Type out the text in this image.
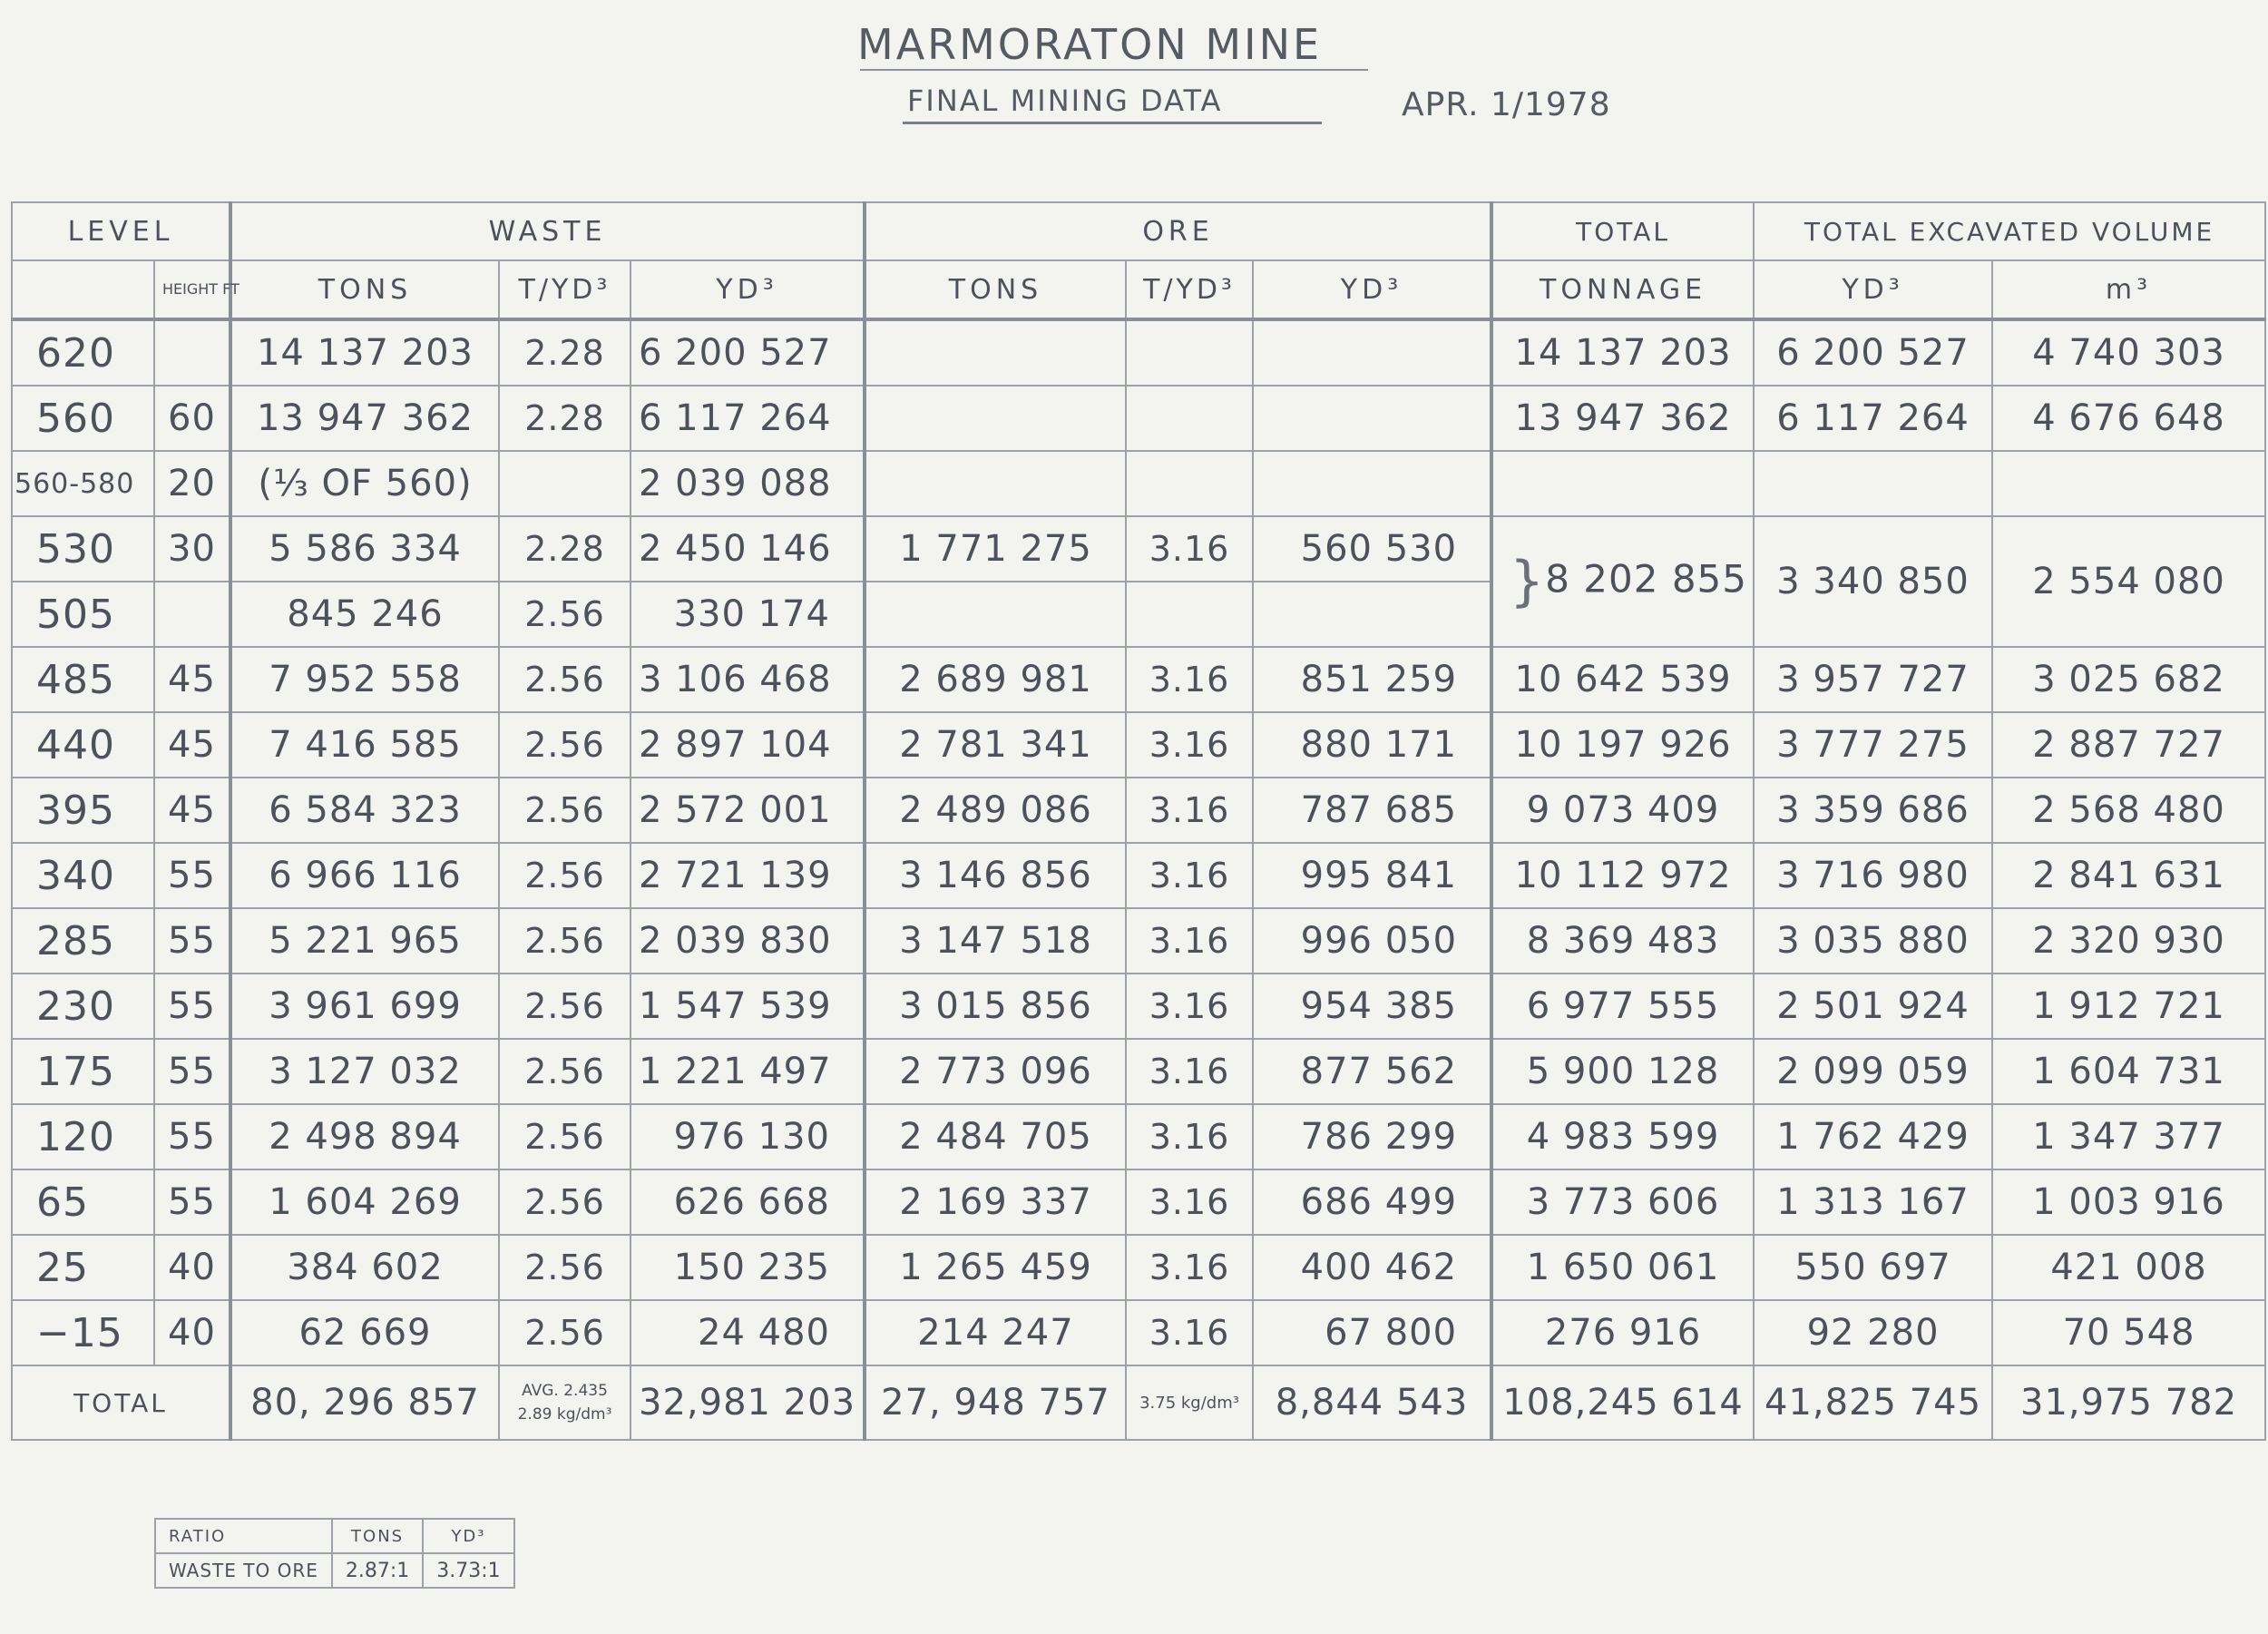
MARMORATON MINE
FINAL MINING DATA	APR. 1/1978
LEVEL		WASTE			ORE			TOTAL	TOTAL EXCAVATED VOLUME	
	HEIGHT FT	TONS	T/YD³	YD³	TONS	T/YD³	YD³	TONNAGE	YD³	m³
620		14 137 203	2.28	6 200 527				14 137 203	6 200 527	4 740 303
560	60	13 947 362	2.28	6 117 264				13 947 362	6 117 264	4 676 648
560-580	20	(⅓ OF 560)		2 039 088						
530	30	5 586 334	2.28	2 450 146	1 771 275	3.16	560 530	}8 202 855	3 340 850	2 554 080
505		845 246	2.56	330 174						
485	45	7 952 558	2.56	3 106 468	2 689 981	3.16	851 259	10 642 539	3 957 727	3 025 682
440	45	7 416 585	2.56	2 897 104	2 781 341	3.16	880 171	10 197 926	3 777 275	2 887 727
395	45	6 584 323	2.56	2 572 001	2 489 086	3.16	787 685	9 073 409	3 359 686	2 568 480
340	55	6 966 116	2.56	2 721 139	3 146 856	3.16	995 841	10 112 972	3 716 980	2 841 631
285	55	5 221 965	2.56	2 039 830	3 147 518	3.16	996 050	8 369 483	3 035 880	2 320 930
230	55	3 961 699	2.56	1 547 539	3 015 856	3.16	954 385	6 977 555	2 501 924	1 912 721
175	55	3 127 032	2.56	1 221 497	2 773 096	3.16	877 562	5 900 128	2 099 059	1 604 731
120	55	2 498 894	2.56	976 130	2 484 705	3.16	786 299	4 983 599	1 762 429	1 347 377
65	55	1 604 269	2.56	626 668	2 169 337	3.16	686 499	3 773 606	1 313 167	1 003 916
25	40	384 602	2.56	150 235	1 265 459	3.16	400 462	1 650 061	550 697	421 008
−15	40	62 669	2.56	24 480	214 247	3.16	67 800	276 916	92 280	70 548
TOTAL		80, 296 857	AVG. 2.435
2.89 kg/dm³	32,981 203	27, 948 757	3.75 kg/dm³	8,844 543	108,245 614	41,825 745	31,975 782
RATIO	TONS	YD³
WASTE TO ORE	2.87:1	3.73:1
